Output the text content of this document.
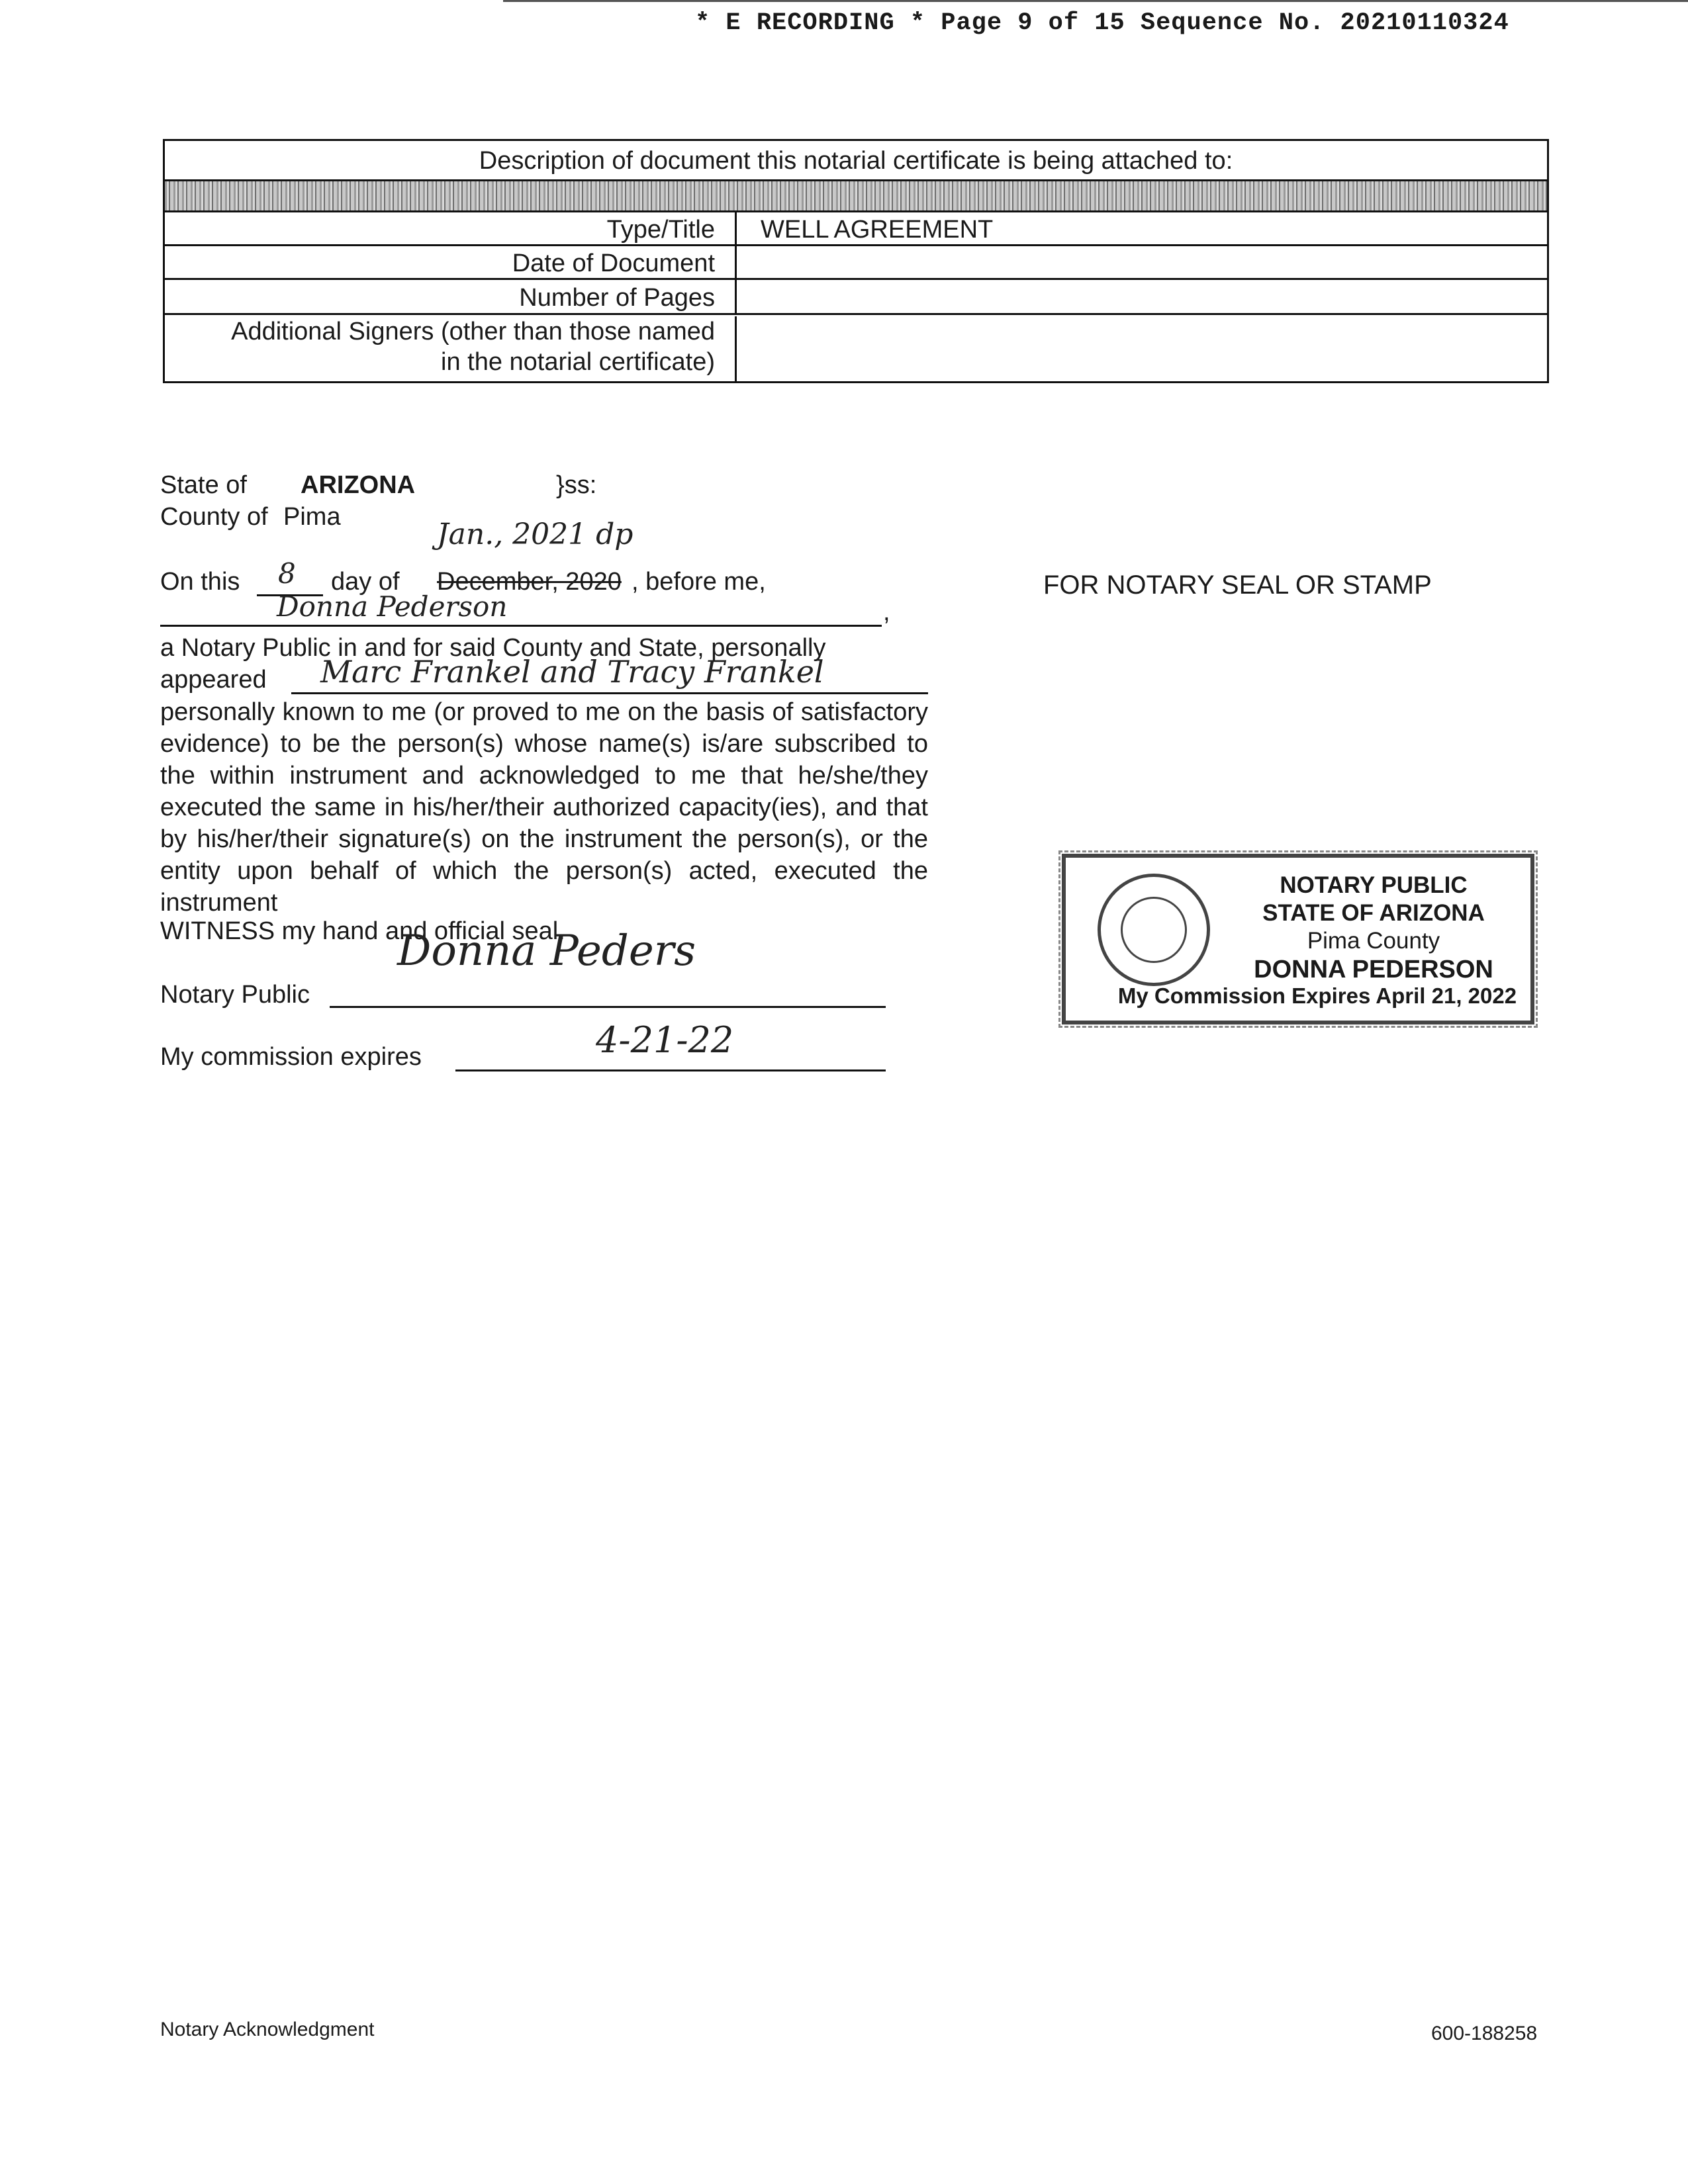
* E RECORDING * Page 9 of 15 Sequence No. 20210110324
Description of document this notarial certificate is being attached to:
Type/Title	WELL AGREEMENT
Date of Document
Number of Pages
Additional Signers (other than those named
in the notarial certificate)
State of ARIZONA	}ss:
County of Pima
Jan., 2021 dp
On this 8 day of December, 2020 , before me,
Donna Pederson	,
a Notary Public in and for said County and State, personally
appeared Marc Frankel and Tracy Frankel
personally known to me (or proved to me on the basis of satisfactory evidence) to be the person(s) whose name(s) is/are subscribed to the within instrument and acknowledged to me that he/she/they executed the same in his/her/their authorized capacity(ies), and that by his/her/their signature(s) on the instrument the person(s), or the entity upon behalf of which the person(s) acted, executed the instrument
WITNESS my hand and official seal.
Notary Public
Donna Peders
My commission expires	4-21-22
FOR NOTARY SEAL OR STAMP
NOTARY PUBLIC
STATE OF ARIZONA
Pima County
DONNA PEDERSON
My Commission Expires April 21, 2022
Notary Acknowledgment	600-188258
